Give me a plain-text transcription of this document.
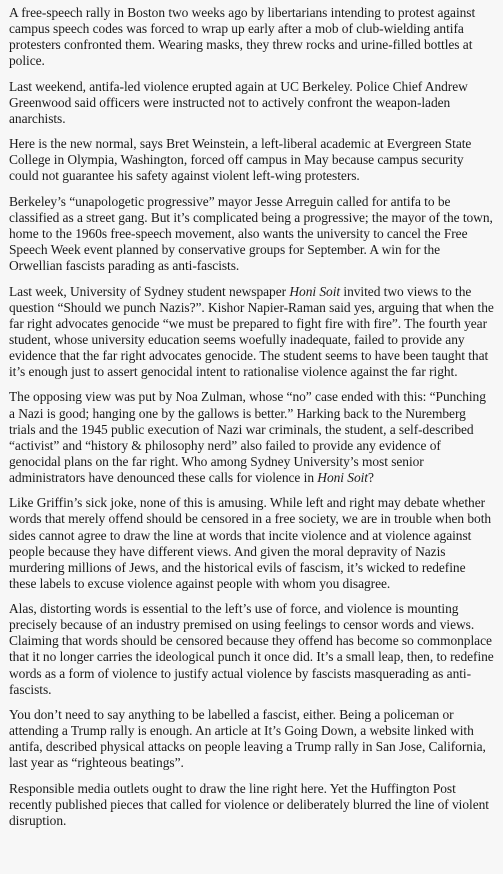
A free-speech rally in Boston two weeks ago by libertarians intending to protest against campus speech codes was forced to wrap up early after a mob of club-wielding antifa protesters confronted them. Wearing masks, they threw rocks and urine-filled bottles at police.

Last weekend, antifa-led violence erupted again at UC Berkeley. Police Chief Andrew Greenwood said officers were instructed not to actively confront the weapon-laden anarchists.

Here is the new normal, says Bret Weinstein, a left-liberal academic at Evergreen State College in Olympia, Washington, forced off campus in May because campus security could not guarantee his safety against violent left-wing protesters.

Berkeley’s “unapologetic progressive” mayor Jesse Arreguin called for antifa to be classified as a street gang. But it’s complicated being a progressive; the mayor of the town, home to the 1960s free-speech movement, also wants the university to cancel the Free Speech Week event planned by conservative groups for September. A win for the Orwellian fascists parading as anti-fascists.

Last week, University of Sydney student newspaper Honi Soit invited two views to the question “Should we punch Nazis?”. Kishor Napier-Raman said yes, arguing that when the far right advocates genocide “we must be prepared to fight fire with fire”. The fourth year student, whose university education seems woefully inadequate, failed to provide any evidence that the far right advocates genocide. The student seems to have been taught that it’s enough just to assert genocidal intent to rationalise violence against the far right.

The opposing view was put by Noa Zulman, whose “no” case ended with this: “Punching a Nazi is good; hanging one by the gallows is better.” Harking back to the Nuremberg trials and the 1945 public execution of Nazi war criminals, the student, a self-described “activist” and “history & philosophy nerd” also failed to provide any evidence of genocidal plans on the far right. Who among Sydney University’s most senior administrators have denounced these calls for violence in Honi Soit?

Like Griffin’s sick joke, none of this is amusing. While left and right may debate whether words that merely offend should be censored in a free society, we are in trouble when both sides cannot agree to draw the line at words that incite violence and at violence against people because they have different views. And given the moral depravity of Nazis murdering millions of Jews, and the historical evils of fascism, it’s wicked to redefine these labels to excuse violence against people with whom you disagree.

Alas, distorting words is essential to the left’s use of force, and violence is mounting precisely because of an industry premised on using feelings to censor words and views. Claiming that words should be censored because they offend has become so commonplace that it no longer carries the ideological punch it once did. It’s a small leap, then, to redefine words as a form of violence to justify actual violence by fascists masquerading as anti-fascists.

You don’t need to say anything to be labelled a fascist, either. Being a policeman or attending a Trump rally is enough. An article at It’s Going Down, a website linked with antifa, described physical attacks on people leaving a Trump rally in San Jose, California, last year as “righteous beatings”.

Responsible media outlets ought to draw the line right here. Yet the Huffington Post recently published pieces that called for violence or deliberately blurred the line of violent disruption.
